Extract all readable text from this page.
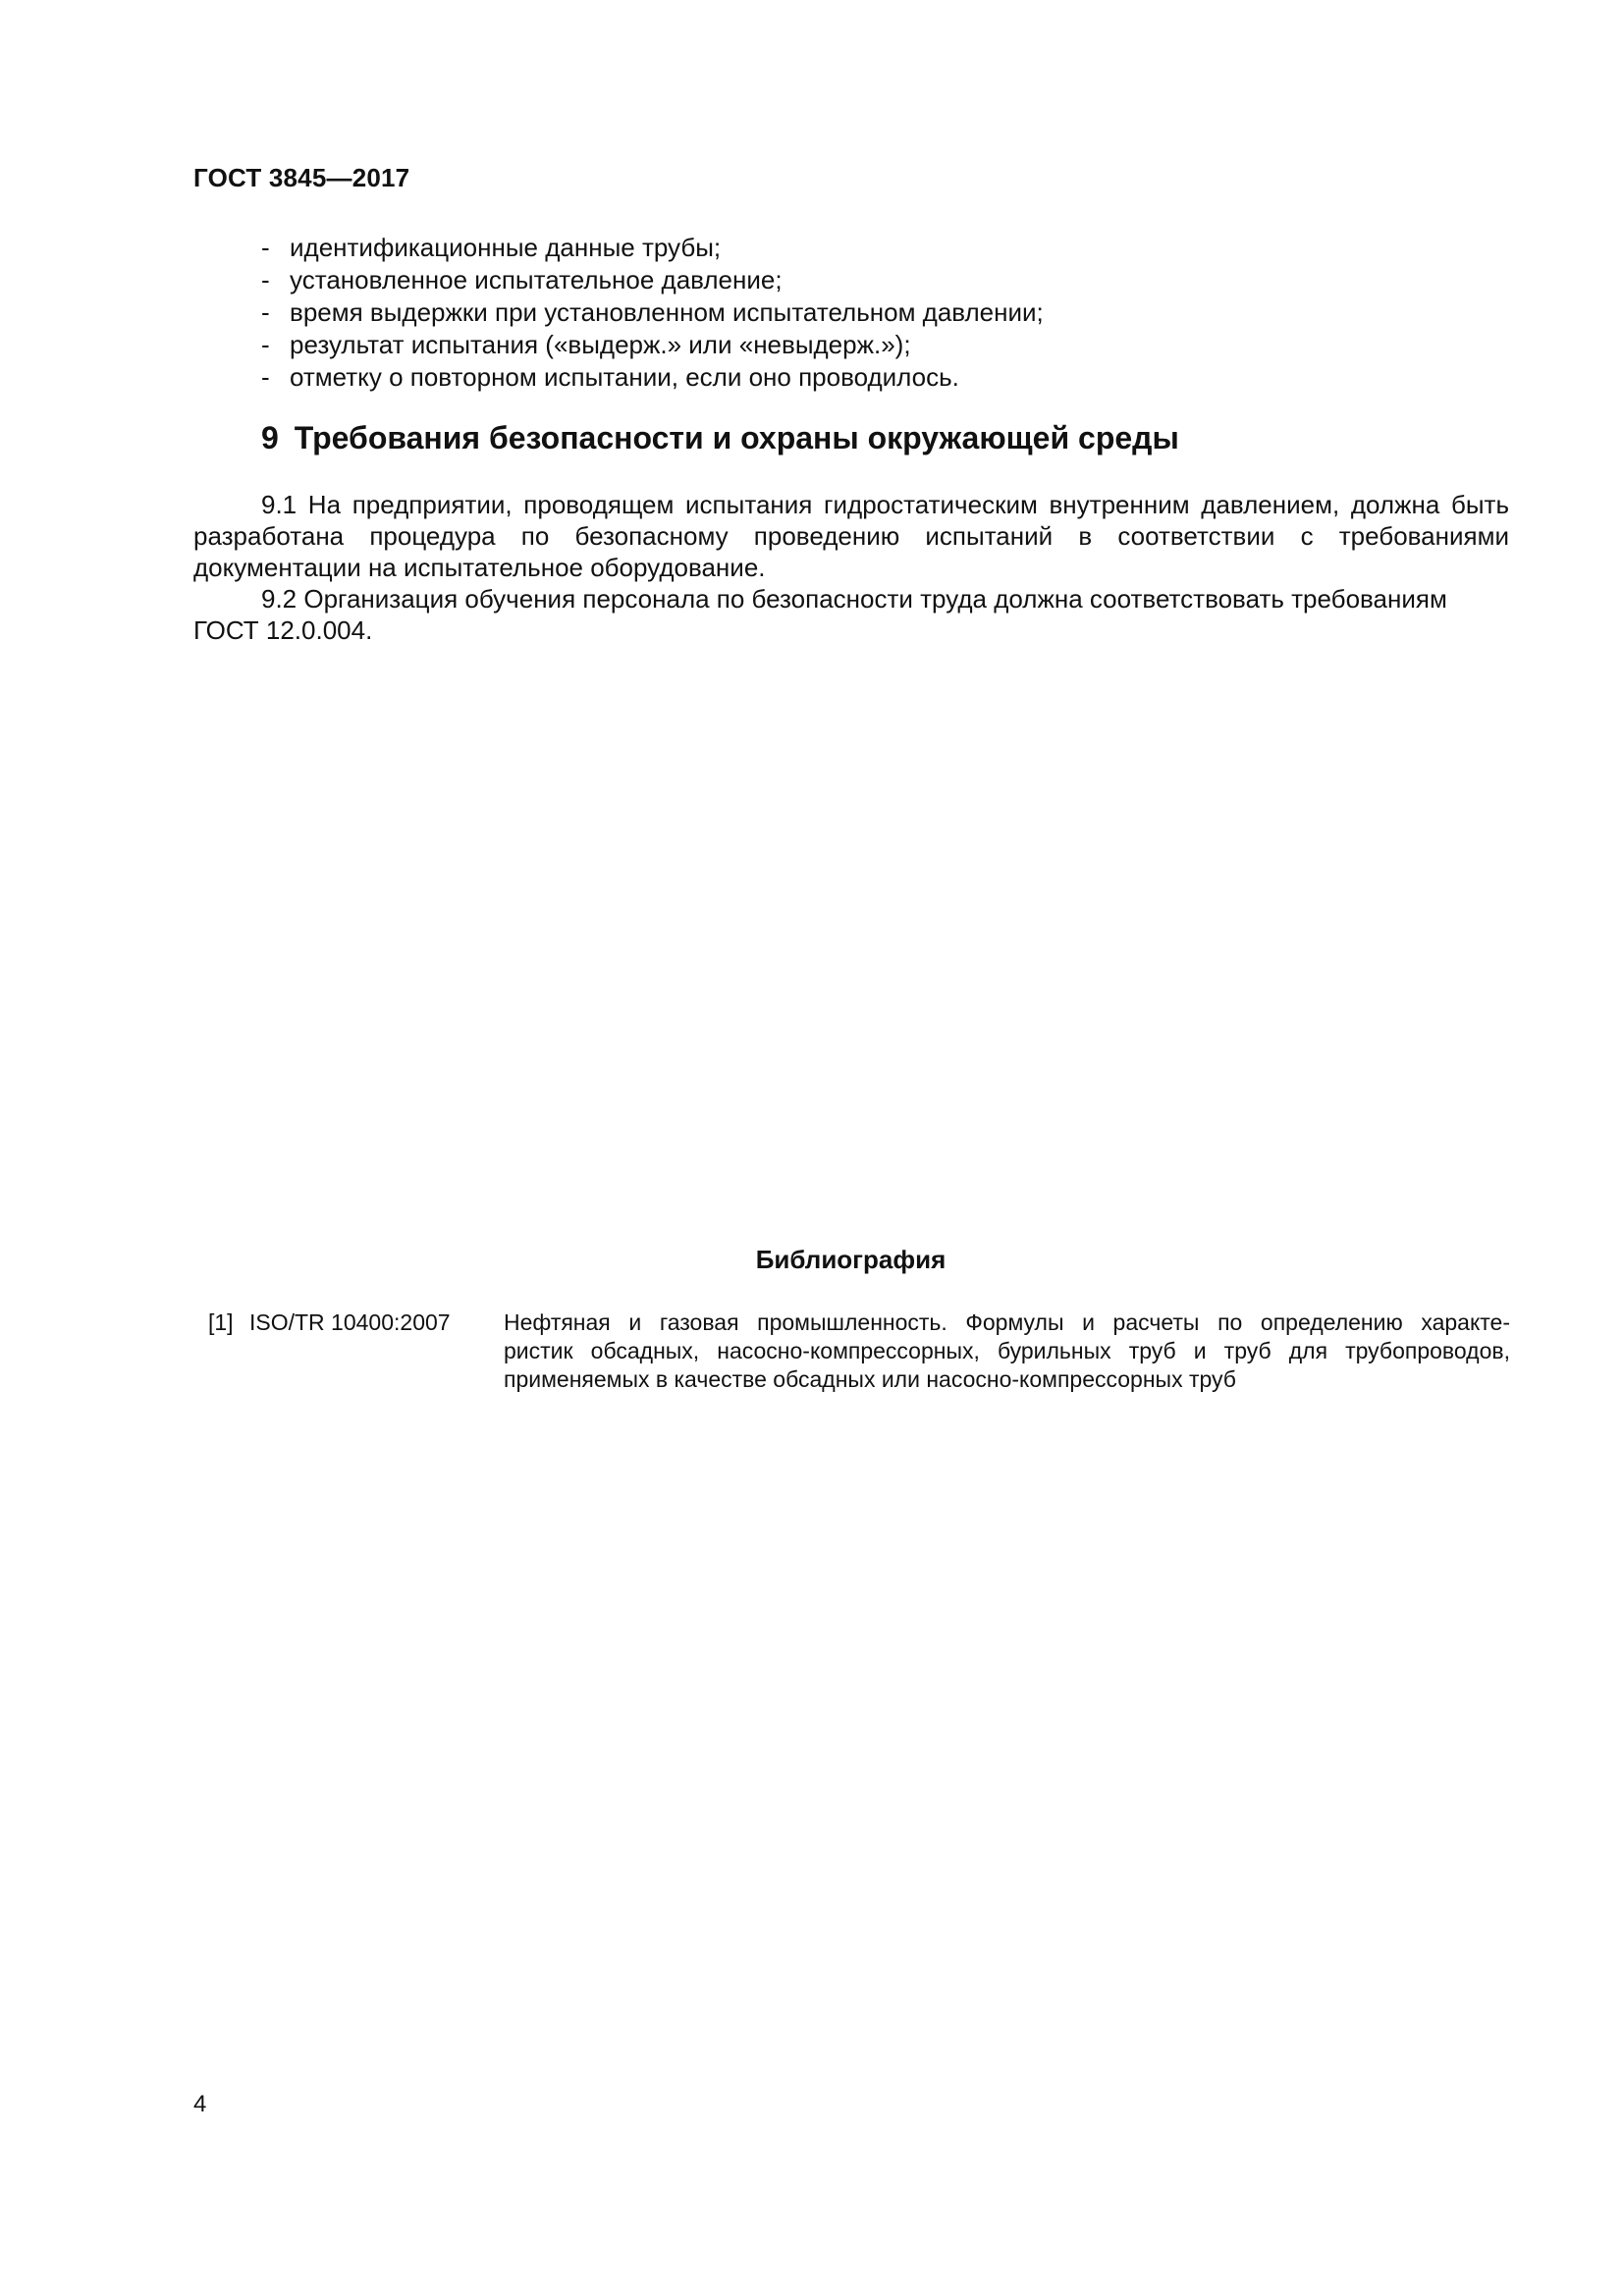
ГОСТ 3845—2017
- идентификационные данные трубы;
- установленное испытательное давление;
- время выдержки при установленном испытательном давлении;
- результат испытания («выдерж.» или «невыдерж.»);
- отметку о повторном испытании, если оно проводилось.
9 Требования безопасности и охраны окружающей среды

9.1 На предприятии, проводящем испытания гидростатическим внутренним давлением, должна быть разработана процедура по безопасному проведению испытаний в соответствии с требованиями документации на испытательное оборудование.

9.2 Организация обучения персонала по безопасности труда должна соответствовать требованиям ГОСТ 12.0.004.

Библиография
[1] ISO/TR 10400:2007 Нефтяная и газовая промышленность. Формулы и расчеты по определению характе-
ристик обсадных, насосно-компрессорных, бурильных труб и труб для трубопроводов,
применяемых в качестве обсадных или насосно-компрессорных труб
4
